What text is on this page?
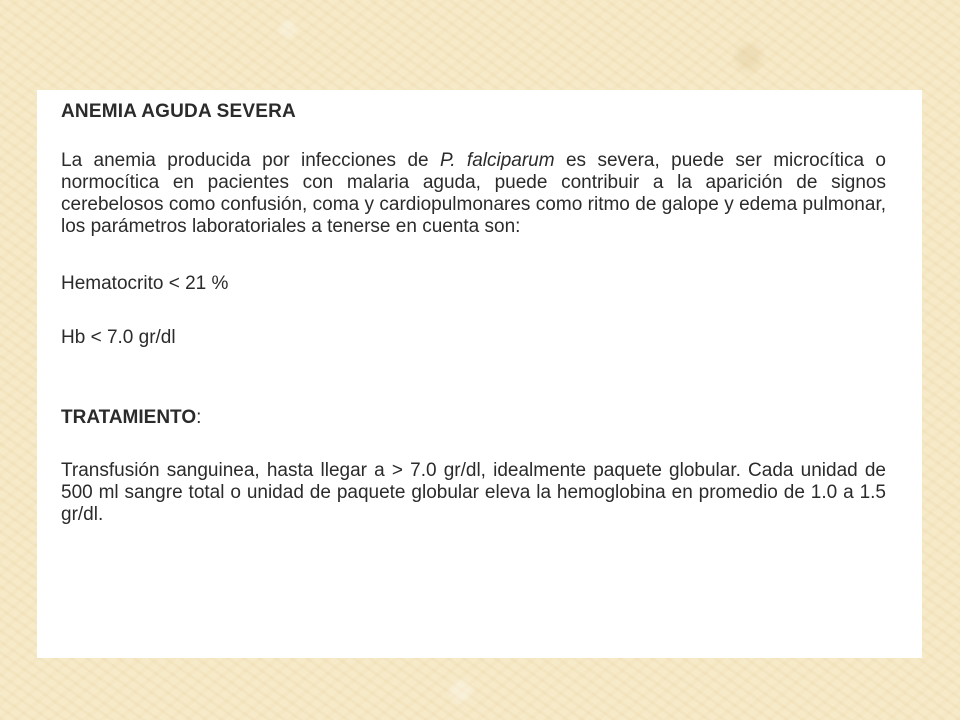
ANEMIA AGUDA SEVERA

La anemia producida por infecciones de P. falciparum es severa, puede ser microcítica o normocítica en pacientes con malaria aguda, puede contribuir a la aparición de signos cerebelosos como confusión, coma y cardiopulmonares como ritmo de galope y edema pulmonar, los parámetros laboratoriales a tenerse en cuenta son:

Hematocrito < 21 %

Hb < 7.0 gr/dl

TRATAMIENTO:

Transfusión sanguinea, hasta llegar a > 7.0 gr/dl, idealmente paquete globular. Cada unidad de 500 ml sangre total o unidad de paquete globular eleva la hemoglobina en promedio de 1.0 a 1.5 gr/dl.
